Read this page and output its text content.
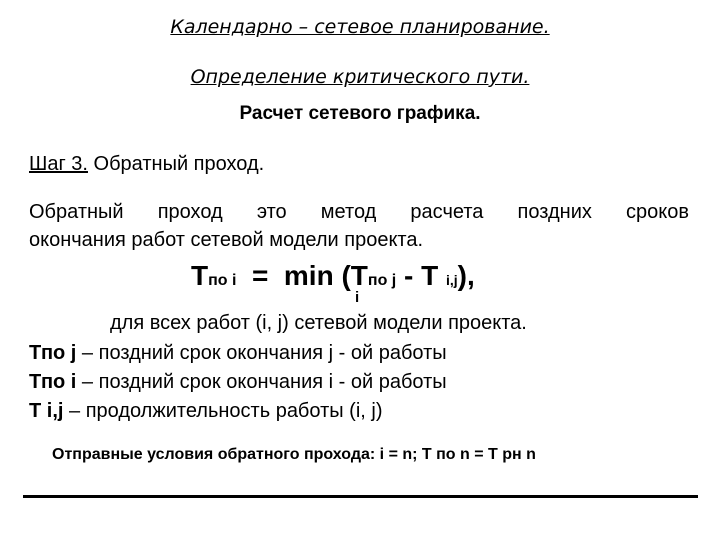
Календарно – сетевое планирование.
Определение критического пути.
Расчет сетевого графика.
Шаг 3. Обратный проход.
Обратный проход это метод расчета поздних сроков
окончания работ сетевой модели проекта.
Тпо i  =  min (Тпо j - Т i,j),
i
для всех работ (i, j) сетевой модели проекта.
Тпо j – поздний срок окончания j - ой работы
Тпо i – поздний срок окончания i - ой работы
Т i,j – продолжительность работы (i, j)
Отправные условия обратного прохода: i = n; Т по n = Т рн n
